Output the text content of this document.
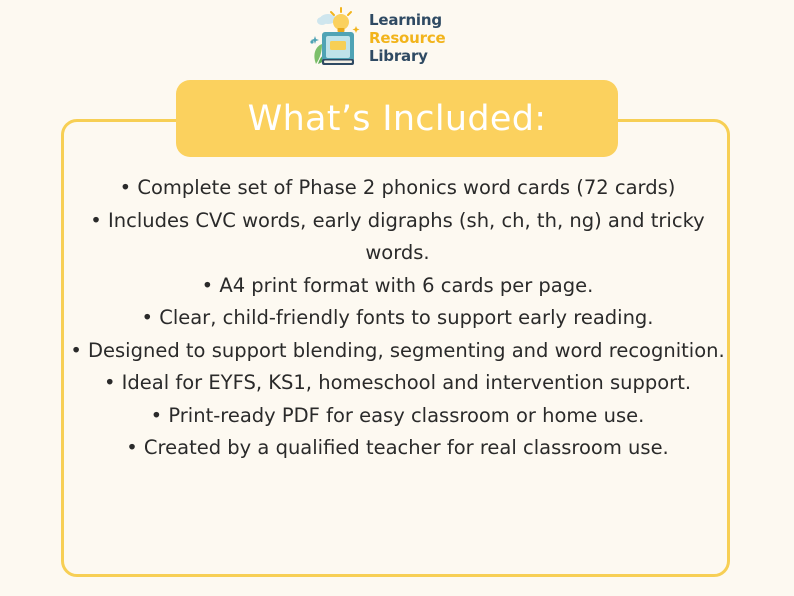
Learning
Resource
Library
What’s Included:
• Complete set of Phase 2 phonics word cards (72 cards)
• Includes CVC words, early digraphs (sh, ch, th, ng) and tricky words.
• A4 print format with 6 cards per page.
• Clear, child-friendly fonts to support early reading.
• Designed to support blending, segmenting and word recognition.
• Ideal for EYFS, KS1, homeschool and intervention support.
• Print-ready PDF for easy classroom or home use.
• Created by a qualified teacher for real classroom use.
